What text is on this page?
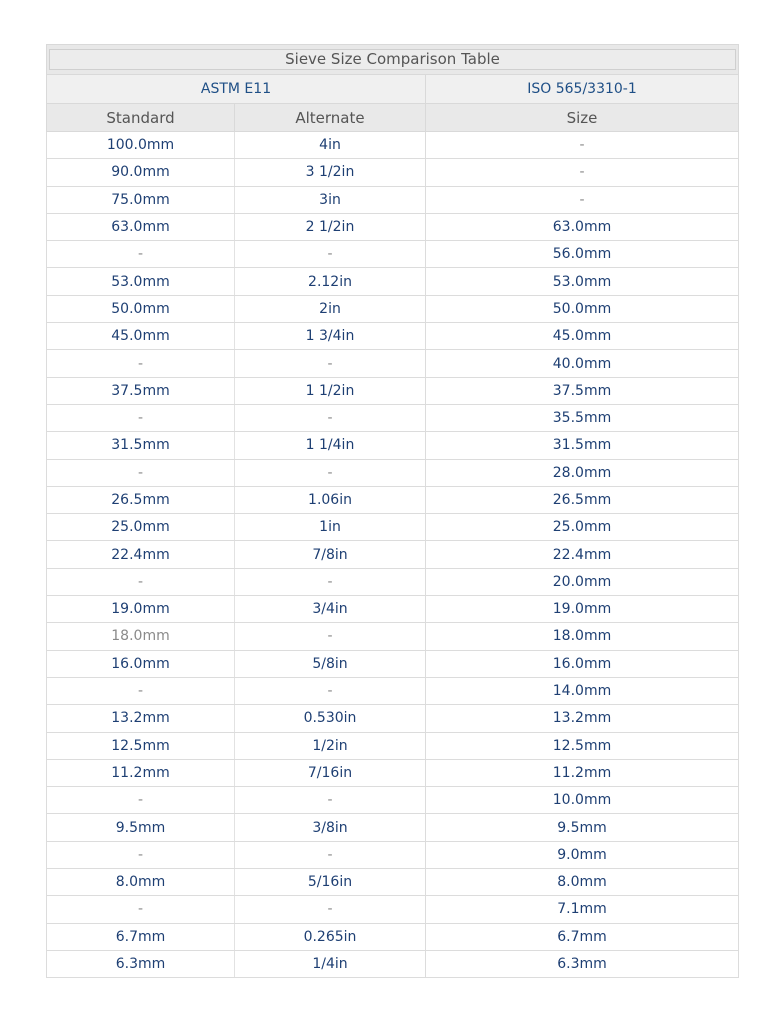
Sieve Size Comparison Table		

ASTM E11		ISO 565/3310-1
Standard	Alternate	Size
100.0mm	4in	-
90.0mm	3 1/2in	-
75.0mm	3in	-
63.0mm	2 1/2in	63.0mm
-	-	56.0mm
53.0mm	2.12in	53.0mm
50.0mm	2in	50.0mm
45.0mm	1 3/4in	45.0mm
-	-	40.0mm
37.5mm	1 1/2in	37.5mm
-	-	35.5mm
31.5mm	1 1/4in	31.5mm
-	-	28.0mm
26.5mm	1.06in	26.5mm
25.0mm	1in	25.0mm
22.4mm	7/8in	22.4mm
-	-	20.0mm
19.0mm	3/4in	19.0mm
18.0mm	-	18.0mm
16.0mm	5/8in	16.0mm
-	-	14.0mm
13.2mm	0.530in	13.2mm
12.5mm	1/2in	12.5mm
11.2mm	7/16in	11.2mm
-	-	10.0mm
9.5mm	3/8in	9.5mm
-	-	9.0mm
8.0mm	5/16in	8.0mm
-	-	7.1mm
6.7mm	0.265in	6.7mm
6.3mm	1/4in	6.3mm
